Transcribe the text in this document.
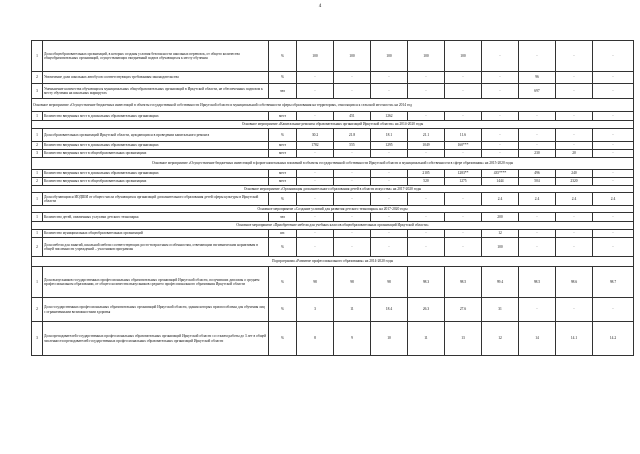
4
1	Доля общеобразовательных организаций, в которых созданы условия безопасности школьных перевозок, от общего количества общеобразовательных организаций, осуществляющих ежедневный подвоз обучающихся к месту обучения	%	100	100	100	100	100	-	-	-	-
2	Увеличение доли школьных автобусов соответствующих требованиям законодательства	%	-	-	-	-	-	-	96	-	-
3	Уменьшение количества обучающихся муниципальных общеобразовательных организаций в Иркутской области, не обеспеченных подвозом к месту обучения на школьных маршрутах	чел	-	-	-	-	-	-	697	-	-
Основное мероприятие «Осуществление бюджетных инвестиций в объекты государственной собственности Иркутской области и муниципальной собственности сферы образования на территориях, относящихся к сельской местности» на 2014 год											
1	Количество введенных мест в дошкольных образовательных организациях	мест	-	451	1262	-	-	-	-	-	-
Основное мероприятие «Капитальные ремонты образовательных организаций Иркутской области» на 2014-2020 годы											
1	Доля образовательных организаций Иркутской области, нуждающихся в проведении капитального ремонта	%	30.2	21.8	18.1	21.1	11.6	-	-	-	-
2	Количество введенных мест в дошкольных образовательных организациях	мест	1782	555	1295	1049	160***	-	-	-	-
3	Количество введенных мест в общеобразовательных организациях	мест	-	-	-	-	-	-	230	20	-
Основное мероприятие «Осуществление бюджетных инвестиций в форме капитальных вложений в объекты государственной собственности Иркутской области и муниципальной собственности в сфере образования» на 2015-2020 годы											
1	Количество введенных мест в дошкольных образовательных организациях	мест	-	-	-	2105	1283**	435****	496	240	-
2	Количество введенных мест в общеобразовательных организациях	мест	-	-	-	520	1275	1444	504	2320	-
Основное мероприятие «Организация дополнительного образования детей в области искусства» на 2017-2020 годы											
1	Доля обучающихся ИОДШИ от общего числа обучающихся организаций дополнительного образования детей сферы культуры в Иркутской области	%	-	-	-	-	-	2.4	2.4	2.4	2.4
Основное мероприятие «Создание условий для развития детского технопарка» на 2017-2020 годы											
1	Количество детей, охваченных услугами детского технопарка	чел	-	-	-	-	-	200	-	-	-
Основное мероприятие «Приобретение мебели для учебных классов общеобразовательных организаций Иркутской области»											
1	Количество муниципальных общеобразовательных организаций	шт.	-	-	-	-	-	12	-	-	-
2	Доля мебели для занятий, школьной мебели соответствующих росто-возрастным особенностям, отвечающим гигиеническим нормативам в общей численности учреждений – участников программы	%	-	-	-	-	-	100	-	-	-
Подпрограмма «Развитие профессионального образования» на 2014-2020 годы											
1	Доля выпускников государственных профессиональных образовательных организаций Иркутской области, получивших дипломы о среднем профессиональном образовании, от общего количества выпускников среднего профессионального образования Иркутской области	%	98	98	98	98.3	98.5	99.4	98.5	98.6	98.7
2	Доля государственных профессиональных образовательных организаций Иркутской области, здания которых приспособлены для обучения лиц с ограниченными возможностями здоровья	%	3	11	18.4	26.3	27.6	31	-	-	-
3	Доля преподавателей государственных профессиональных образовательных организаций Иркутской области со стажем работы до 3 лет в общей численности преподавателей государственных профессиональных образовательных организаций Иркутской области	%	8	9	10	11	13	12	14	14.1	14.2
